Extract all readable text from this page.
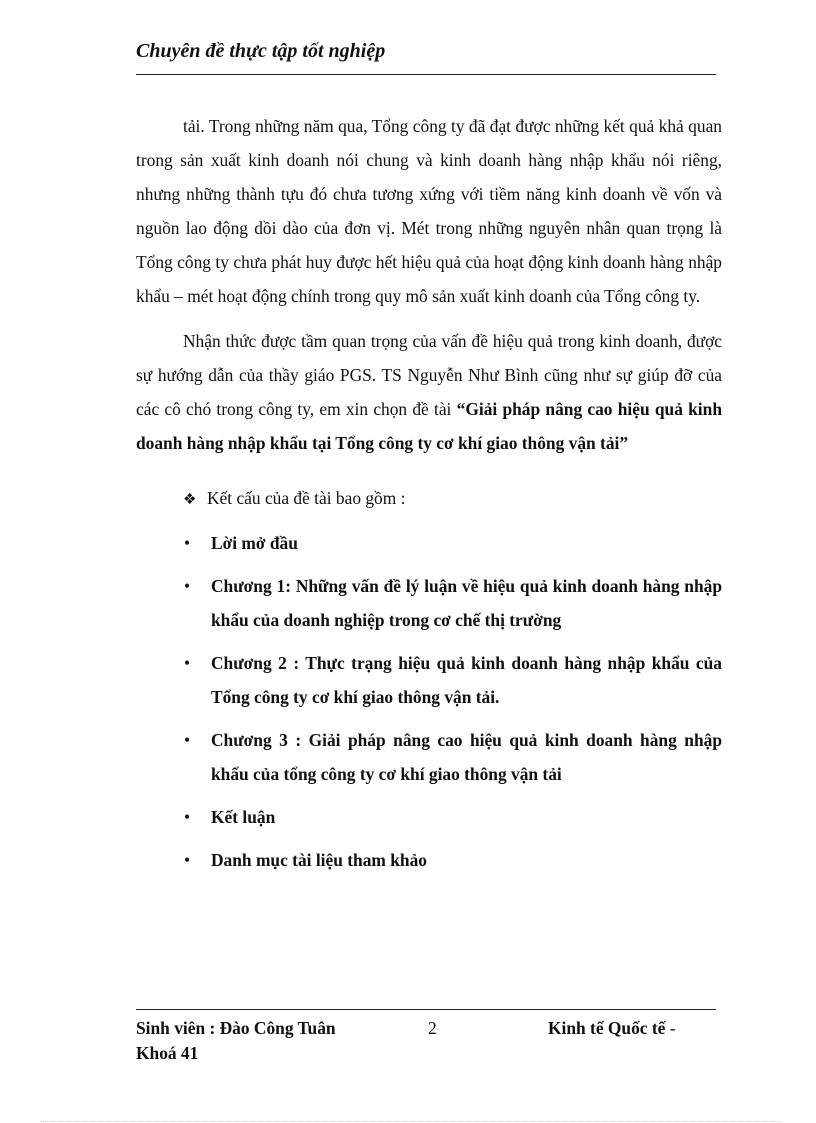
Chuyên đề thực tập tốt nghiệp

tải. Trong những năm qua, Tổng công ty đã đạt được những kết quả khả quan trong sản xuất kinh doanh nói chung và kinh doanh hàng nhập khẩu nói riêng, nhưng những thành tựu đó chưa tương xứng với tiềm năng kinh doanh về vốn và nguồn lao động dồi dào của đơn vị. Mét trong những nguyên nhân quan trọng là Tổng công ty chưa phát huy được hết hiệu quả của hoạt động kinh doanh hàng nhập khẩu – mét hoạt động chính trong quy mô sản xuất kinh doanh của Tổng công ty.

Nhận thức được tầm quan trọng của vấn đề hiệu quả trong kinh doanh, được sự hướng dẫn của thầy giáo PGS. TS Nguyễn Như Bình cũng như sự giúp đỡ của các cô chó trong công ty, em xin chọn đề tài “Giải pháp nâng cao hiệu quả kinh doanh hàng nhập khẩu tại Tổng công ty cơ khí giao thông vận tải”

❖ Kết cấu của đề tài bao gồm :
• Lời mở đầu
• Chương 1: Những vấn đề lý luận về hiệu quả kinh doanh hàng nhập khẩu của doanh nghiệp trong cơ chế thị trường
• Chương 2 : Thực trạng hiệu quả kinh doanh hàng nhập khẩu của Tổng công ty cơ khí giao thông vận tải.
• Chương 3 : Giải pháp nâng cao hiệu quả kinh doanh hàng nhập khẩu của tổng công ty cơ khí giao thông vận tải
• Kết luận
• Danh mục tài liệu tham khảo
Sinh viên : Đào Công Tuân	2	Kinh tế Quốc tế -
Khoá 41
